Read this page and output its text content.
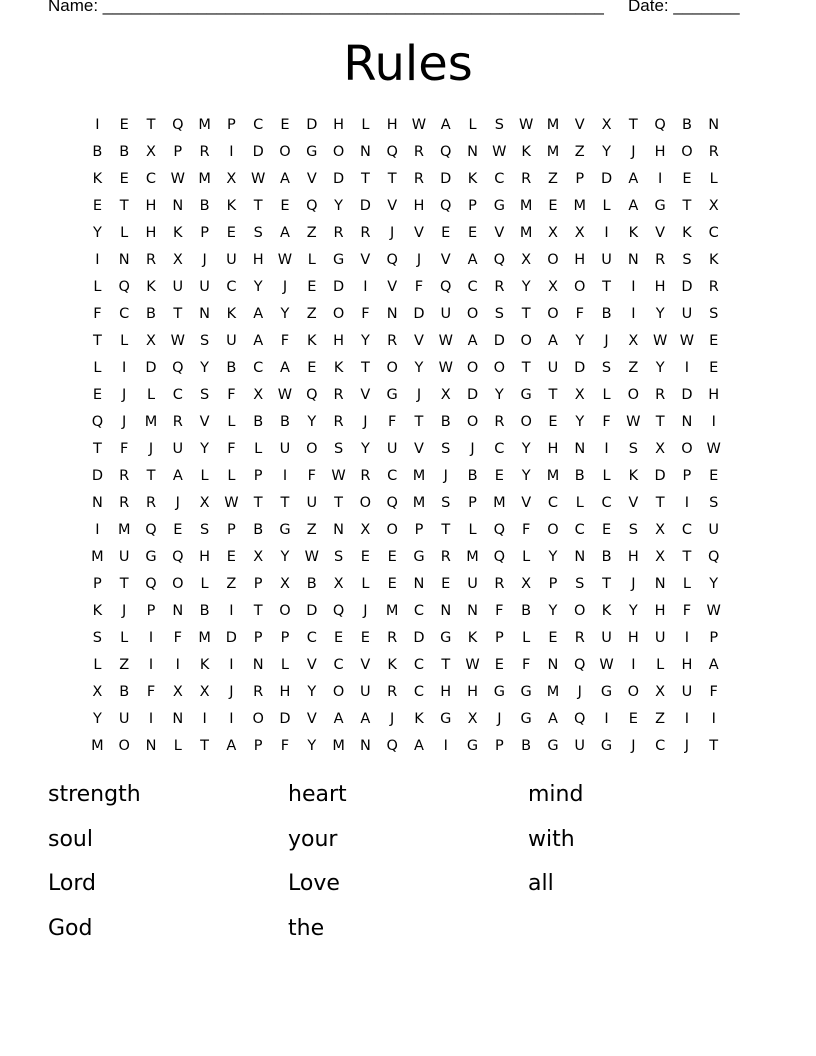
Name: _____________________________________________________ Date: _______
Rules
I	E	T	Q	M	P	C	E	D	H	L	H W	A	L	S	W M	V	X	T	Q	B	N
B	B	X	P	R	I	D	O	G	O	N	Q	R	Q	N W	K	M	Z	Y	J	H	O	R
K	E	C	W M	X	W	A	V	D	T	T	R	D	K	C	R	Z	P	D	A	I	E	L
E	T	H	N	B	K	T	E	Q	Y	D	V	H	Q	P	G	M	E	M	L	A	G	T	X
Y	L	H	K	P	E	S	A	Z	R	R	J	V	E	E	V	M	X	X	I	K	V	K	C
I	N	R	X	J	U	H W	L	G	V	Q	J	V	A	Q	X	O	H	U	N	R	S	K
L	Q	K	U	U	C	Y	J	E	D	I	V	F	Q	C	R	Y	X	O	T	I	H	D	R
F	C	B	T	N	K	A	Y	Z	O	F	N	D	U	O	S	T	O	F	B	I	Y	U	S
T	L	X	W	S	U	A	F	K	H	Y	R	V	W	A	D	O	A	Y	J	X	W W	E
L	I	D	Q	Y	B	C	A	E	K	T	O	Y	W O	O	T	U	D	S	Z	Y	I	E
E	J	L	C	S	F	X	W Q	R	V	G	J	X	D	Y	G	T	X	L	O	R	D	H
Q	J	M	R	V	L	B	B	Y	R	J	F	T	B	O	R	O	E	Y	F	W	T	N	I
T	F	J	U	Y	F	L	U	O	S	Y	U	V	S	J	C	Y	H	N	I	S	X	O W
D	R	T	A	L	L	P	I	F	W	R	C	M	J	B	E	Y	M	B	L	K	D	P	E
N	R	R	J	X	W	T	T	U	T	O	Q	M	S	P	M	V	C	L	C	V	T	I	S
I	M	Q	E	S	P	B	G	Z	N	X	O	P	T	L	Q	F	O	C	E	S	X	C	U
M	U	G	Q	H	E	X	Y	W	S	E	E	G	R	M	Q	L	Y	N	B	H	X	T	Q
P	T	Q	O	L	Z	P	X	B	X	L	E	N	E	U	R	X	P	S	T	J	N	L	Y
K	J	P	N	B	I	T	O	D	Q	J	M	C	N	N	F	B	Y	O	K	Y	H	F	W
S	L	I	F	M	D	P	P	C	E	E	R	D	G	K	P	L	E	R	U	H	U	I	P
L	Z	I	I	K	I	N	L	V	C	V	K	C	T	W	E	F	N	Q W	I	L	H	A
X	B	F	X	X	J	R	H	Y	O	U	R	C	H	H	G	G	M	J	G	O	X	U	F
Y	U	I	N	I	I	O	D	V	A	A	J	K	G	X	J	G	A	Q	I	E	Z	I	I
M	O	N	L	T	A	P	F	Y	M	N	Q	A	I	G	P	B	G	U	G	J	C	J	T
strength	heart	mind
soul	your	with
Lord	Love	all
God	the
